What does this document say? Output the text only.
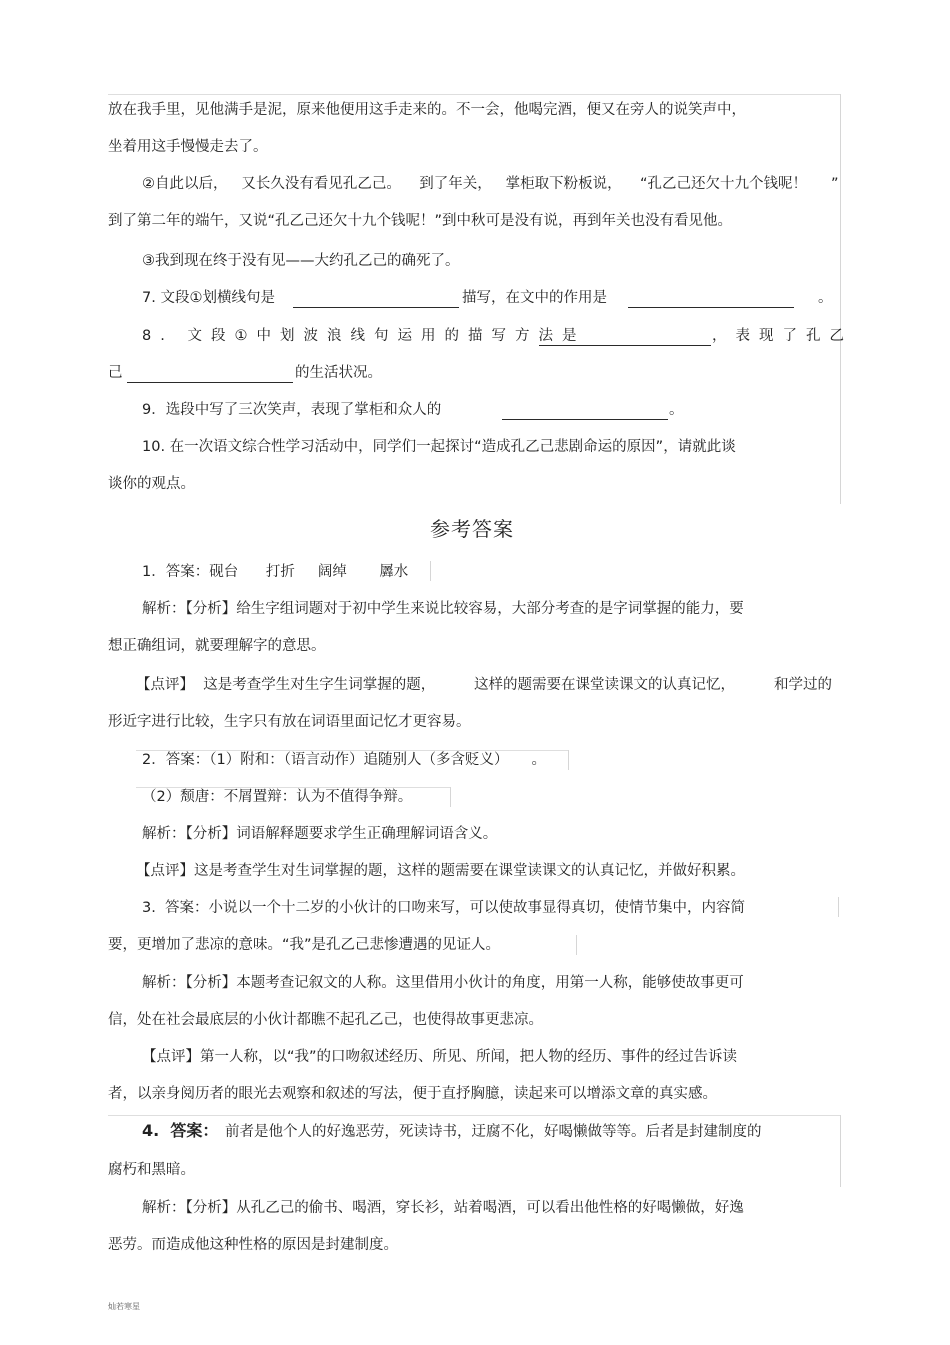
放在我手里，见他满手是泥，原来他便用这手走来的。不一会，他喝完酒，便又在旁人的说笑声中，
坐着用这手慢慢走去了。
②自此以后，   又长久没有看见孔乙己。    到了年关，   掌柜取下粉板说，    “孔乙己还欠十九个钱呢！ ”
到了第二年的端午，又说“孔乙己还欠十九个钱呢！”到中秋可是没有说，再到年关也没有看见他。
③我到现在终于没有见——大约孔乙己的确死了。
7. 文段①划横线句是	描写，在文中的作用是	。
8. 文段①中划波浪线句运用的描写方法是	，表现了孔乙
己	的生活状况。
9．选段中写了三次笑声，表现了掌柜和众人的	。
10. 在一次语文综合性学习活动中，同学们一起探讨“造成孔乙己悲剧命运的原因”，请就此谈
谈你的观点。
参考答案
1．答案：砚台      打折     阔绰       羼水
解析：【分析】给生字组词题对于初中学生来说比较容易，大部分考查的是字词掌握的能力，要
想正确组词，就要理解字的意思。
【点评】  这是考查学生对生字生词掌握的题，	这样的题需要在课堂读课文的认真记忆，	和学过的
形近字进行比较，生字只有放在词语里面记忆才更容易。
2．答案：（1）附和：（语言动作）追随别人（多含贬义）     。
（2）颓唐：不屑置辩：认为不值得争辩。
解析：【分析】词语解释题要求学生正确理解词语含义。
【点评】这是考查学生对生词掌握的题，这样的题需要在课堂读课文的认真记忆，并做好积累。
3.  答案：小说以一个十二岁的小伙计的口吻来写，可以使故事显得真切，使情节集中，内容简
要，更增加了悲凉的意味。“我”是孔乙己悲惨遭遇的见证人。
解析：【分析】本题考查记叙文的人称。这里借用小伙计的角度，用第一人称，能够使故事更可
信，处在社会最底层的小伙计都瞧不起孔乙己，也使得故事更悲凉。
【点评】第一人称，以“我”的口吻叙述经历、所见、所闻，把人物的经历、事件的经过告诉读
者，以亲身阅历者的眼光去观察和叙述的写法，便于直抒胸臆，读起来可以增添文章的真实感。
4.  答案： 前者是他个人的好逸恶劳，死读诗书，迂腐不化，好喝懒做等等。后者是封建制度的
腐朽和黑暗。
解析：【分析】从孔乙己的偷书、喝酒，穿长衫，站着喝酒，可以看出他性格的好喝懒做，好逸
恶劳。而造成他这种性格的原因是封建制度。
灿若寒星
